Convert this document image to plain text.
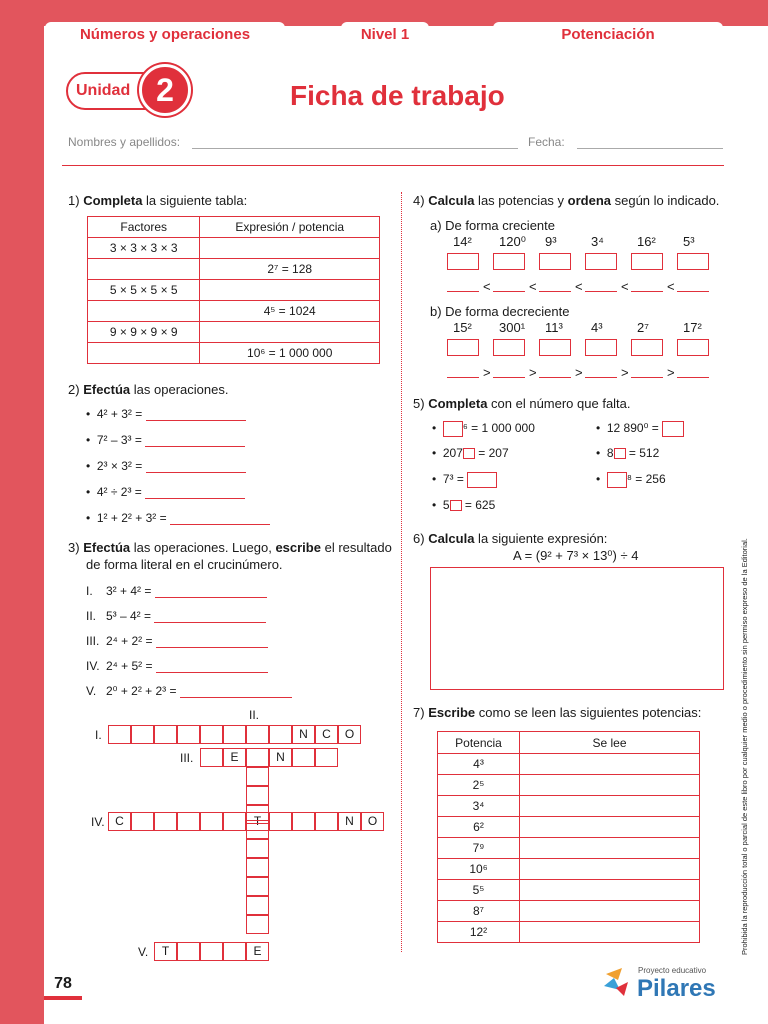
Números y operaciones	Nivel 1	Potenciación
Unidad 2	Ficha de trabajo
Nombres y apellidos:	Fecha:
1) Completa la siguiente tabla:
Factores	Expresión / potencia
3 × 3 × 3 × 3	
	2⁷ = 128
5 × 5 × 5 × 5	
	4⁵ = 1024
9 × 9 × 9 × 9	
	10⁶ = 1 000 000
2) Efectúa las operaciones.
•  4² + 3² =
•  7² – 3³ =
•  2³ × 3² =
•  4² ÷ 2³ =
•  1² + 2² + 3² =
3) Efectúa las operaciones. Luego, escribe el resultado
de forma literal en el crucinúmero.
I. 3² + 4² =
II. 5³ – 4² =
III. 2⁴ + 2² =
IV. 2⁴ + 5² =
V. 2⁰ + 2² + 2³ =
I.
II.
III.
IV.
V.
N	C	O
E	N
C	T	N	O
T	E
4) Calcula las potencias y ordena según lo indicado.
a) De forma creciente
b) De forma decreciente
14²
<
120⁰
<
9³
<
3⁴
<
16²
<
5³
15²
>
300¹
>
11³
>
4³
>
2⁷
>
17²
5) Completa con el número que falta.
•  ⁶ = 1 000 000	•  12 890⁰ =
•  207 = 207	•  8 = 512
•  7³ =	•  ⁸ = 256
•  5 = 625
6) Calcula la siguiente expresión:
A = (9² + 7³ × 13⁰) ÷ 4
7) Escribe como se leen las siguientes potencias:
Potencia	Se lee
4³	
2⁵	
3⁴	
6²	
7⁹	
10⁶	
5⁵	
8⁷	
12²	
78
Proyecto educativo
Pilares
Prohibida la reproducción total o parcial de este libro por cualquier medio o procedimiento sin permiso expreso de la Editorial.
